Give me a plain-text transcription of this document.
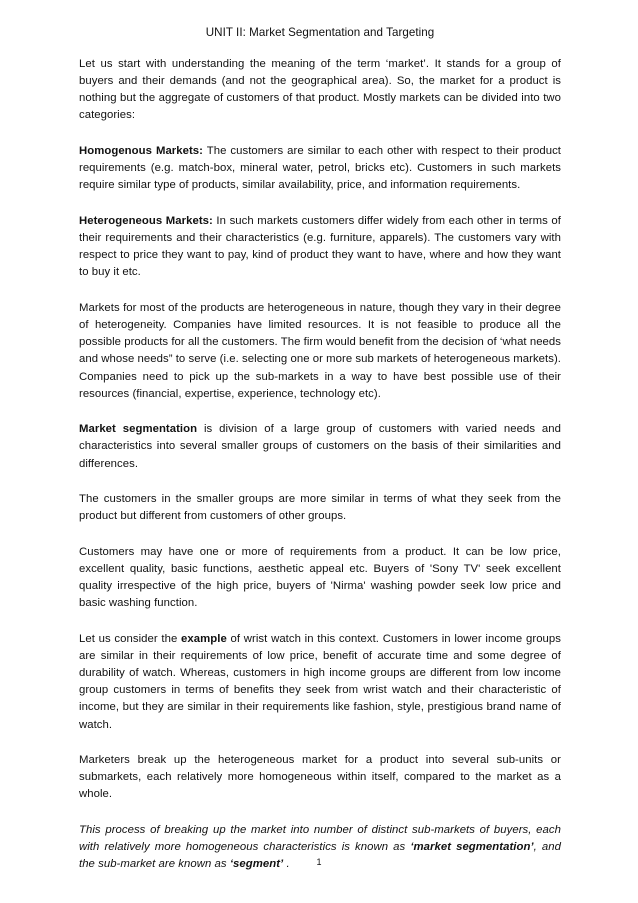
UNIT II: Market Segmentation and Targeting

Let us start with understanding the meaning of the term ‘market’. It stands for a group of buyers and their demands (and not the geographical area). So, the market for a product is nothing but the aggregate of customers of that product. Mostly markets can be divided into two categories:

Homogenous Markets: The customers are similar to each other with respect to their product requirements (e.g. match-box, mineral water, petrol, bricks etc). Customers in such markets require similar type of products, similar availability, price, and information requirements.

Heterogeneous Markets: In such markets customers differ widely from each other in terms of their requirements and their characteristics (e.g. furniture, apparels). The customers vary with respect to price they want to pay, kind of product they want to have, where and how they want to buy it etc.

Markets for most of the products are heterogeneous in nature, though they vary in their degree of heterogeneity. Companies have limited resources. It is not feasible to produce all the possible products for all the customers. The firm would benefit from the decision of ‘what needs and whose needs” to serve (i.e. selecting one or more sub markets of heterogeneous markets). Companies need to pick up the sub-markets in a way to have best possible use of their resources (financial, expertise, experience, technology etc).

Market segmentation is division of a large group of customers with varied needs and characteristics into several smaller groups of customers on the basis of their similarities and differences.

The customers in the smaller groups are more similar in terms of what they seek from the product but different from customers of other groups.

Customers may have one or more of requirements from a product. It can be low price, excellent quality, basic functions, aesthetic appeal etc. Buyers of 'Sony TV' seek excellent quality irrespective of the high price, buyers of 'Nirma' washing powder seek low price and basic washing function.

Let us consider the example of wrist watch in this context. Customers in lower income groups are similar in their requirements of low price, benefit of accurate time and some degree of durability of watch. Whereas, customers in high income groups are different from low income group customers in terms of benefits they seek from wrist watch and their characteristic of income, but they are similar in their requirements like fashion, style, prestigious brand name of watch.

Marketers break up the heterogeneous market for a product into several sub-units or submarkets, each relatively more homogeneous within itself, compared to the market as a whole.

This process of breaking up the market into number of distinct sub-markets of buyers, each with relatively more homogeneous characteristics is known as ‘market segmentation’, and the sub-market are known as ‘segment’ .	1
